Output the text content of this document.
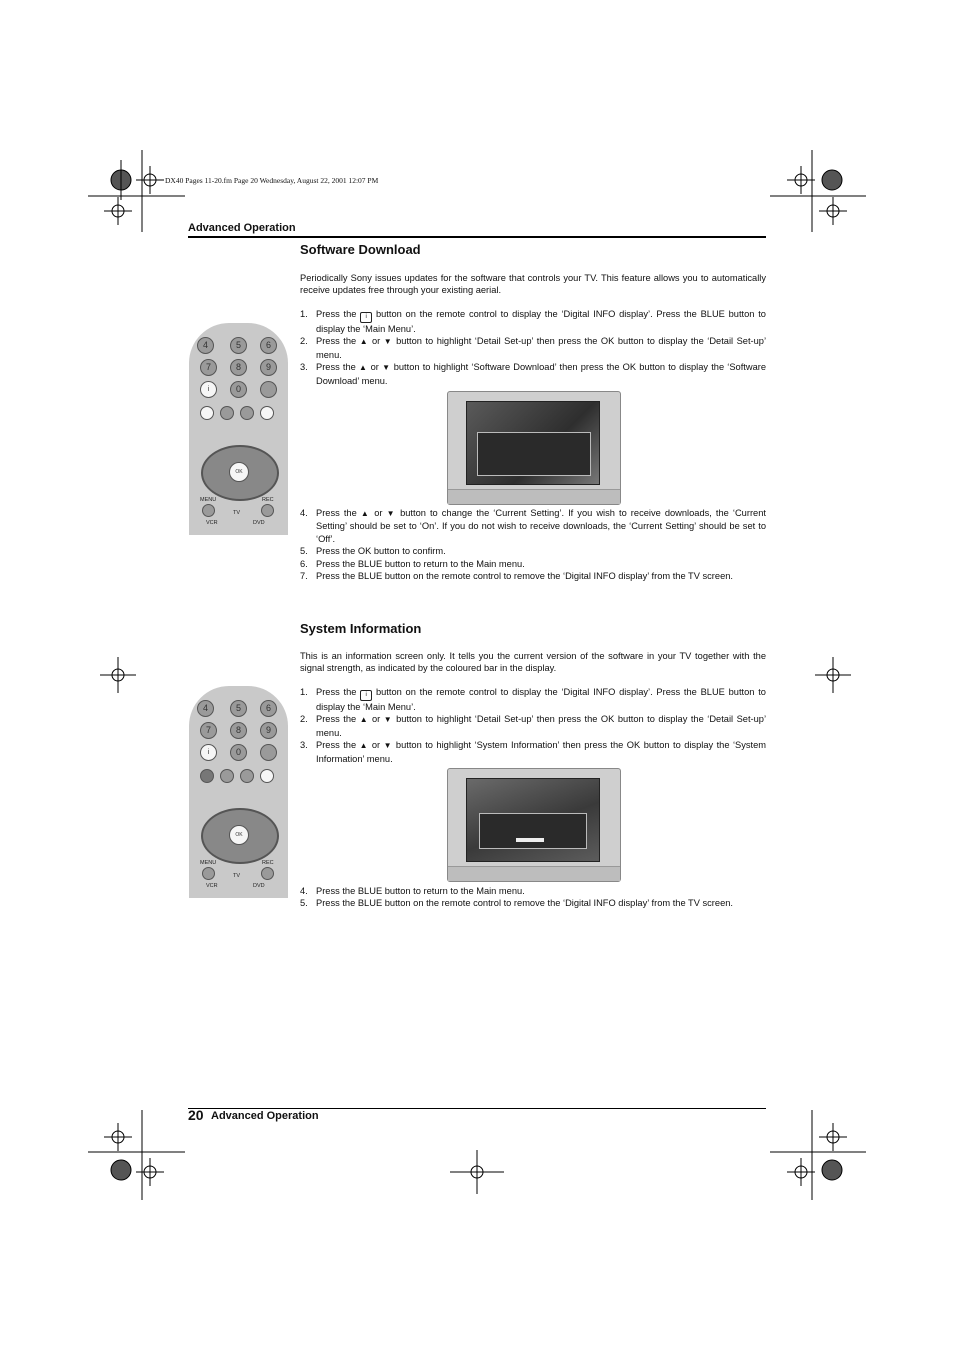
DX40 Pages 11-20.fm Page 20 Wednesday, August 22, 2001 12:07 PM
Advanced Operation
Software Download
Periodically Sony issues updates for the software that controls your TV. This feature allows you to automatically receive updates free through your existing aerial.
1. Press the i button on the remote control to display the ‘Digital INFO display’. Press the BLUE button to display the ‘Main Menu’.
2. Press the ▲ or ▼ button to highlight ‘Detail Set-up’ then press the OK button to display the ‘Detail Set-up’ menu.
3. Press the ▲ or ▼ button to highlight ‘Software Download’ then press the OK button to display the ‘Software Download’ menu.
4. Press the ▲ or ▼ button to change the ‘Current Setting’. If you wish to receive downloads, the ‘Current Setting’ should be set to ‘On’. If you do not wish to receive downloads, the ‘Current Setting’ should be set to ‘Off’.
5. Press the OK button to confirm.
6. Press the BLUE button to return to the Main menu.
7. Press the BLUE button on the remote control to remove the ‘Digital INFO display’ from the TV screen.
4	5	6
7	8	9
i	0
OK
MENU	REC
TV
VCR	DVD
System Information
This is an information screen only. It tells you the current version of the software in your TV together with the signal strength, as indicated by the coloured bar in the display.
1. Press the i button on the remote control to display the ‘Digital INFO display’. Press the BLUE button to display the ‘Main Menu’.
2. Press the ▲ or ▼ button to highlight ‘Detail Set-up’ then press the OK button to display the ‘Detail Set-up’ menu.
3. Press the ▲ or ▼ button to highlight ‘System Information’ then press the OK button to display the ‘System Information’ menu.
4. Press the BLUE button to return to the Main menu.
5. Press the BLUE button on the remote control to remove the ‘Digital INFO display’ from the TV screen.
4	5	6
7	8	9
i	0
OK
MENU	REC
TV
VCR	DVD
20 Advanced Operation
